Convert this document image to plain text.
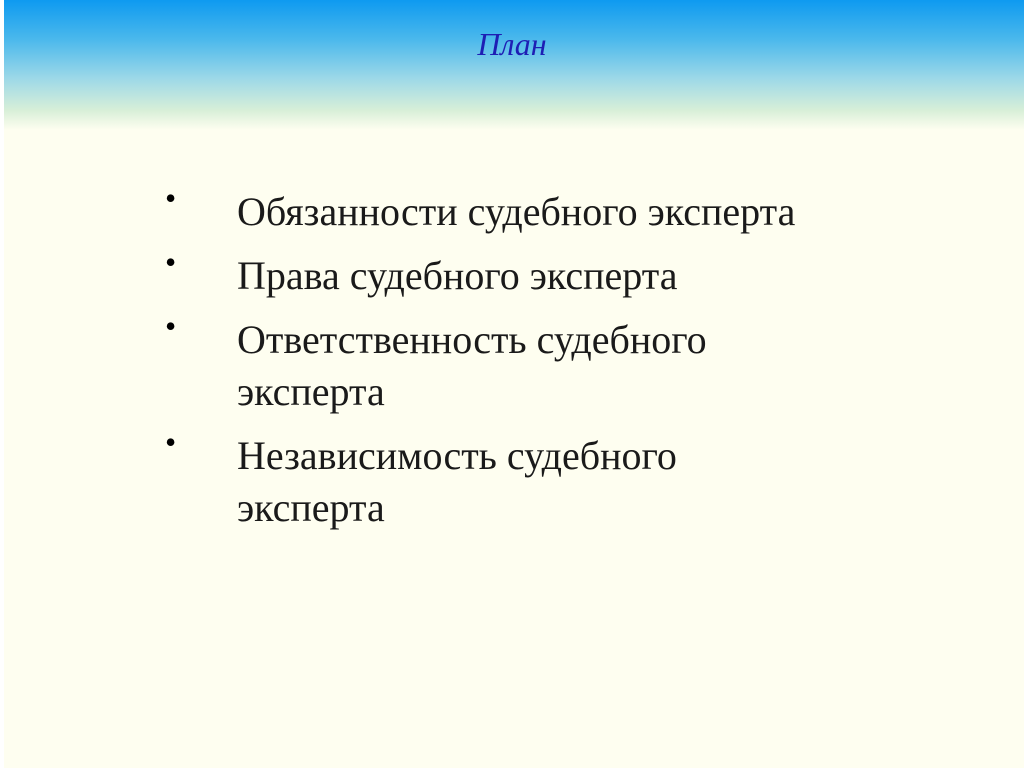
План
•	Обязанности судебного эксперта
•	Права судебного эксперта
•	Ответственность судебного эксперта
•	Независимость судебного эксперта
